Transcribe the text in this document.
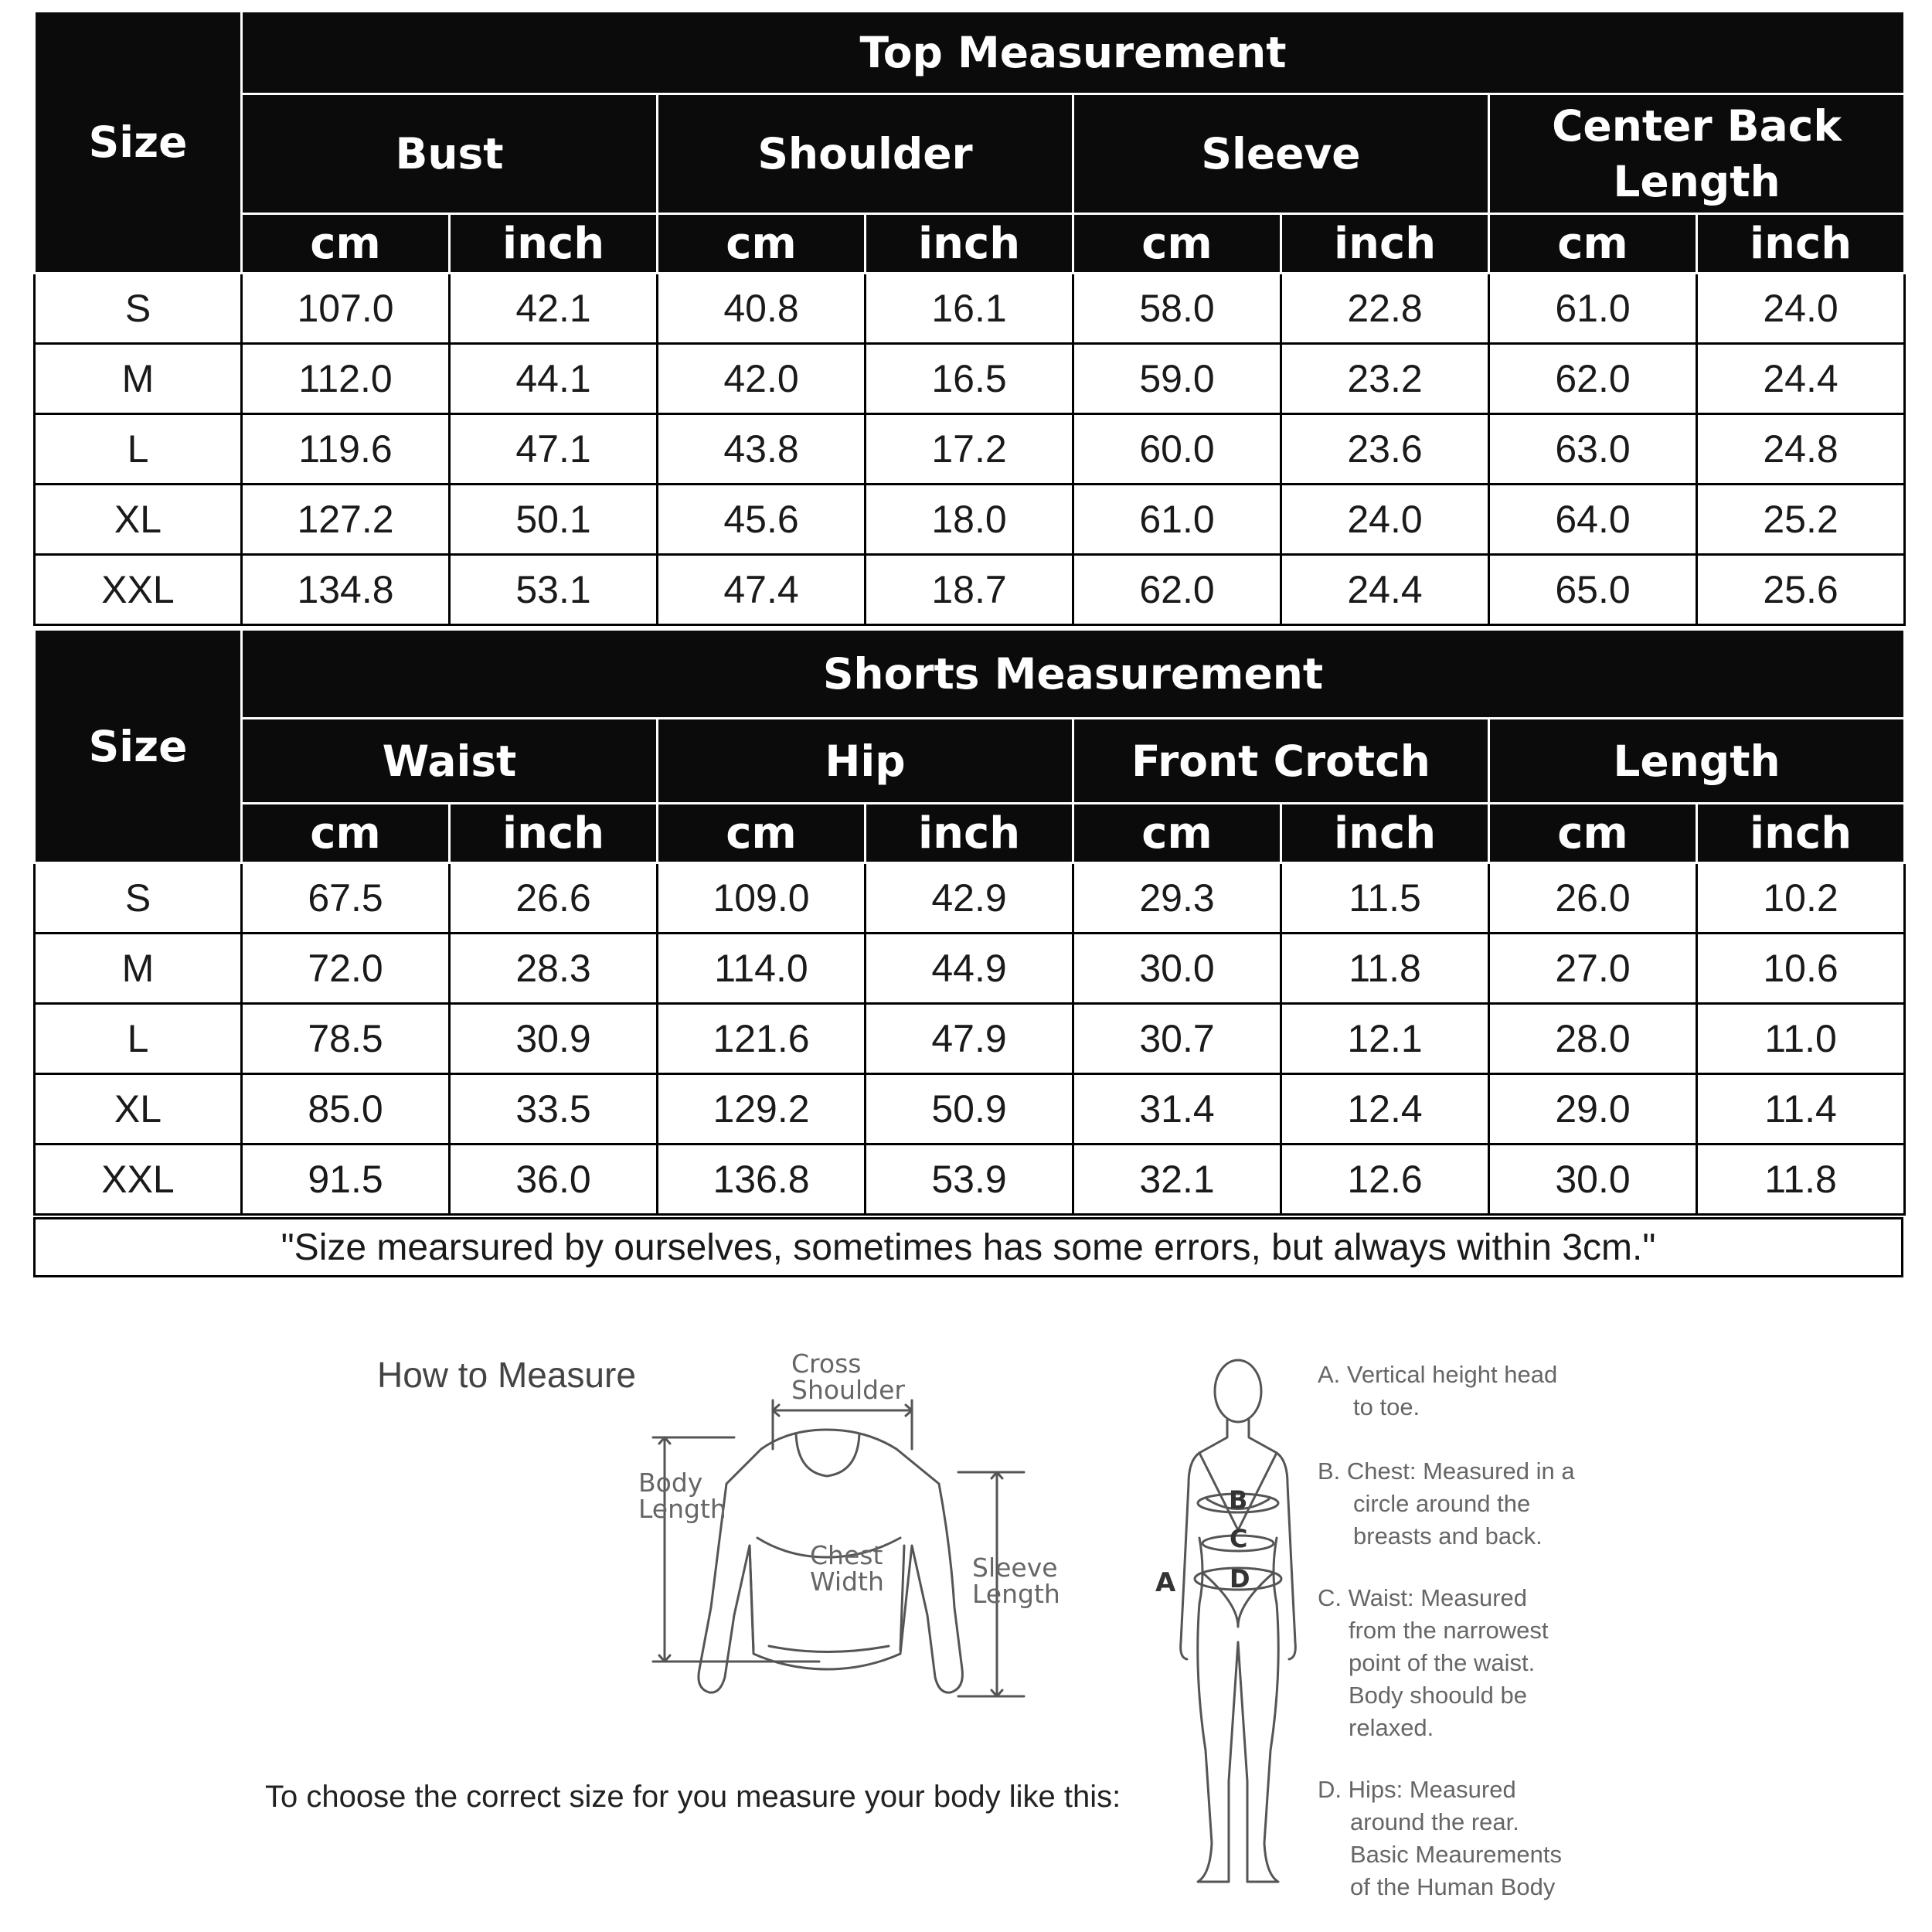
Size	Top Measurement							
	Bust		Shoulder		Sleeve		Center Back Length	
	cm	inch	cm	inch	cm	inch	cm	inch
S	107.0	42.1	40.8	16.1	58.0	22.8	61.0	24.0
M	112.0	44.1	42.0	16.5	59.0	23.2	62.0	24.4
L	119.6	47.1	43.8	17.2	60.0	23.6	63.0	24.8
XL	127.2	50.1	45.6	18.0	61.0	24.0	64.0	25.2
XXL	134.8	53.1	47.4	18.7	62.0	24.4	65.0	25.6
Size	Shorts Measurement							
	Waist		Hip		Front Crotch		Length	
	cm	inch	cm	inch	cm	inch	cm	inch
S	67.5	26.6	109.0	42.9	29.3	11.5	26.0	10.2
M	72.0	28.3	114.0	44.9	30.0	11.8	27.0	10.6
L	78.5	30.9	121.6	47.9	30.7	12.1	28.0	11.0
XL	85.0	33.5	129.2	50.9	31.4	12.4	29.0	11.4
XXL	91.5	36.0	136.8	53.9	32.1	12.6	30.0	11.8
"Size mearsured by ourselves, sometimes has some errors, but always within 3cm."
How to Measure
To choose the correct size for you measure your body like this:
Cross
Shoulder
Body
Length
Chest
Width	Sleeve
Length	A
B
C
D
A. Vertical height head
to toe.
B. Chest: Measured in a
circle around the
breasts and back.
C. Waist: Measured
from the narrowest
point of the waist.
Body shoould be
relaxed.
D. Hips: Measured
around the rear.
Basic Meaurements
of the Human Body
